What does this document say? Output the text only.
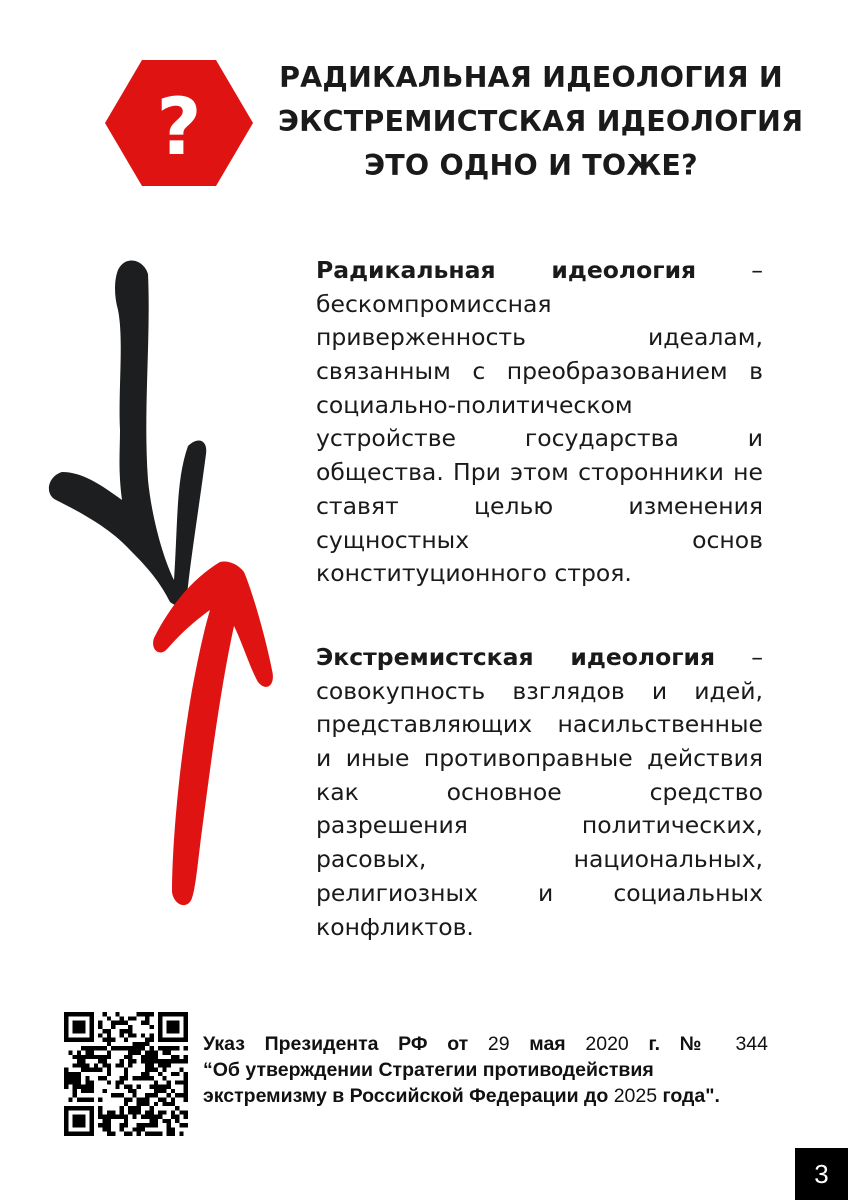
?
РАДИКАЛЬНАЯ ИДЕОЛОГИЯ И
ЭКСТРЕМИСТСКАЯ ИДЕОЛОГИЯ
ЭТО ОДНО И ТОЖЕ?
Радикальная идеология –
бескомпромиссная
приверженность идеалам,
связанным с преобразованием в
социально-политическом
устройстве государства и
общества. При этом сторонники не
ставят целью изменения
сущностных основ
конституционного строя.
Экстремистская идеология –
совокупность взглядов и идей,
представляющих насильственные
и иные противоправные действия
как основное средство
разрешения политических,
расовых, национальных,
религиозных и социальных
конфликтов.
Указ Президента РФ от 29 мая 2020 г. № 344
“Об утверждении Стратегии противодействия
экстремизму в Российской Федерации до 2025 года".
3
